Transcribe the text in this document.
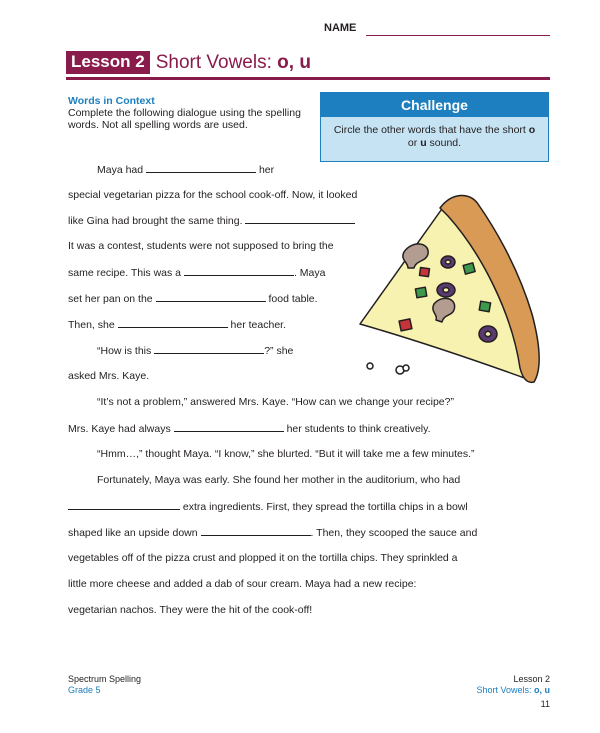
NAME
Lesson 2 Short Vowels: o, u
Words in Context
Complete the following dialogue using the spelling words. Not all spelling words are used.
Challenge
Circle the other words that have the short o or u sound.
Maya had	her
special vegetarian pizza for the school cook-off. Now, it looked
like Gina had brought the same thing.
It was a contest, students were not supposed to bring the
same recipe. This was a	. Maya
set her pan on the	food table.
Then, she	her teacher.
“How is this	?” she
asked Mrs. Kaye.
“It’s not a problem,” answered Mrs. Kaye. “How can we change your recipe?”
Mrs. Kaye had always	her students to think creatively.
“Hmm…,” thought Maya. “I know,” she blurted. “But it will take me a few minutes.”
Fortunately, Maya was early. She found her mother in the auditorium, who had
extra ingredients. First, they spread the tortilla chips in a bowl
shaped like an upside down	. Then, they scooped the sauce and
vegetables off of the pizza crust and plopped it on the tortilla chips. They sprinkled a
little more cheese and added a dab of sour cream. Maya had a new recipe:
vegetarian nachos. They were the hit of the cook-off!
Spectrum Spelling
Grade 5
Lesson 2
Short Vowels: o, u
11
